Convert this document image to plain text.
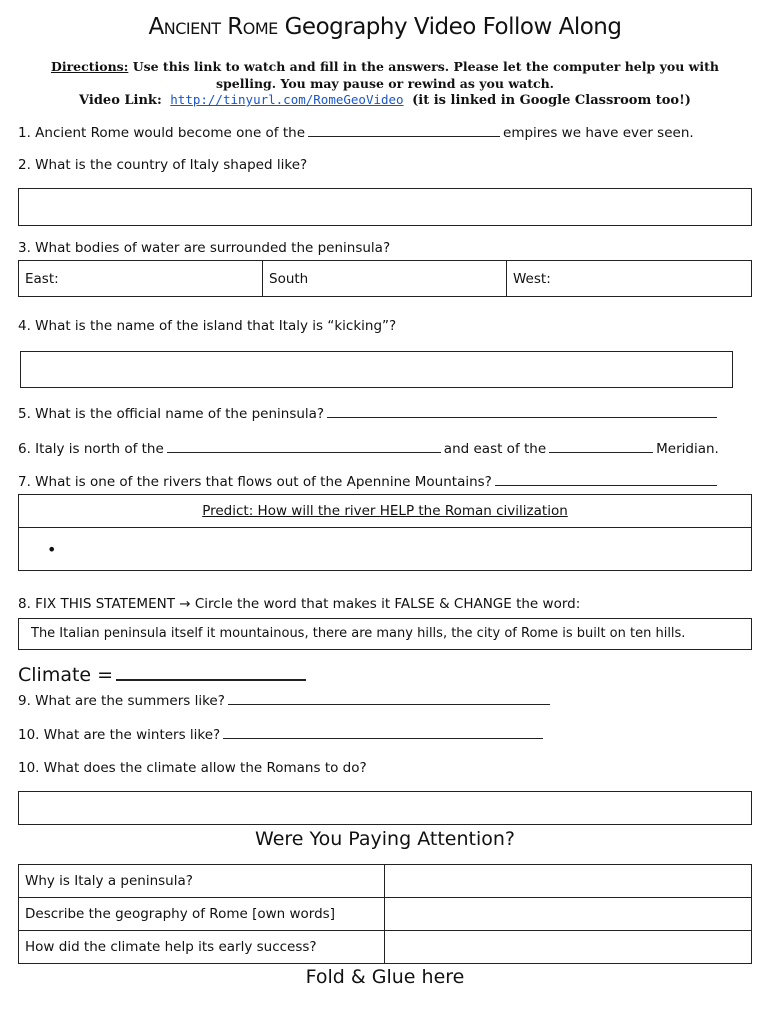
Ancient Rome Geography Video Follow Along
Directions: Use this link to watch and fill in the answers. Please let the computer help you with spelling. You may pause or rewind as you watch.
Video Link: http://tinyurl.com/RomeGeoVideo (it is linked in Google Classroom too!)
1. Ancient Rome would become one of the	empires we have ever seen.
2. What is the country of Italy shaped like?
3. What bodies of water are surrounded the peninsula?
East:	South	West:
4. What is the name of the island that Italy is “kicking”?
5. What is the official name of the peninsula?
6. Italy is north of the	and east of the	Meridian.
7. What is one of the rivers that flows out of the Apennine Mountains?
Predict: How will the river HELP the Roman civilization
•
8. FIX THIS STATEMENT → Circle the word that makes it FALSE & CHANGE the word:
The Italian peninsula itself it mountainous, there are many hills, the city of Rome is built on ten hills.
Climate =
9. What are the summers like?
10. What are the winters like?
10. What does the climate allow the Romans to do?
Were You Paying Attention?
Why is Italy a peninsula?	
Describe the geography of Rome [own words]	
How did the climate help its early success?	
Fold & Glue here
